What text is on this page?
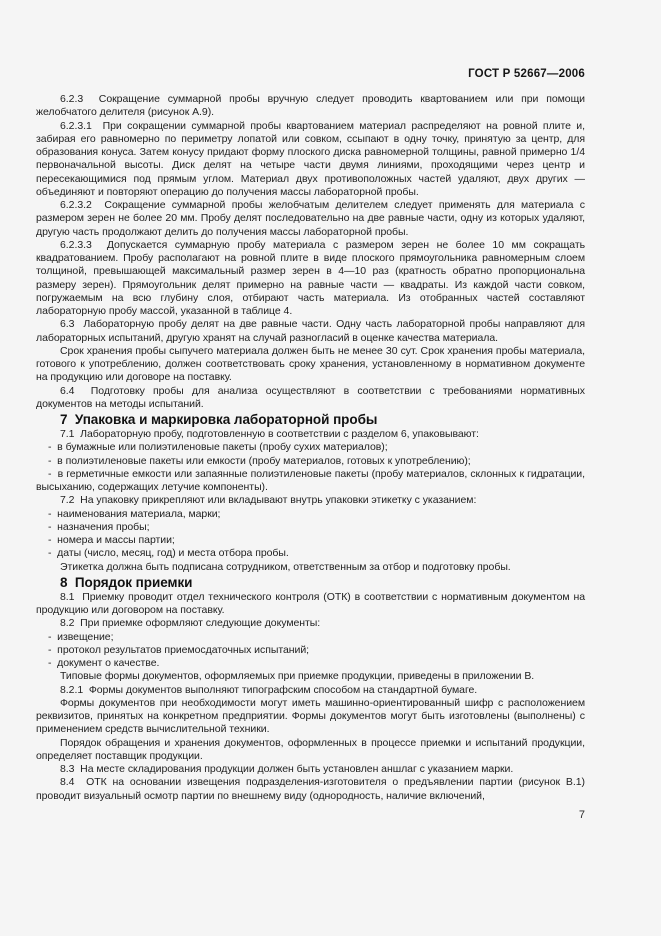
ГОСТ Р 52667—2006

6.2.3  Сокращение суммарной пробы вручную следует проводить квартованием или при помощи желобчатого делителя (рисунок А.9).

6.2.3.1  При сокращении суммарной пробы квартованием материал распределяют на ровной плите и, забирая его равномерно по периметру лопатой или совком, ссыпают в одну точку, принятую за центр, для образования конуса. Затем конусу придают форму плоского диска равномерной толщины, равной примерно 1/4 первоначальной высоты. Диск делят на четыре части двумя линиями, проходящими через центр и пересекающимися под прямым углом. Материал двух противоположных частей удаляют, двух других — объединяют и повторяют операцию до получения массы лабораторной пробы.

6.2.3.2  Сокращение суммарной пробы желобчатым делителем следует применять для материала с размером зерен не более 20 мм. Пробу делят последовательно на две равные части, одну из которых удаляют, другую часть продолжают делить до получения массы лабораторной пробы.

6.2.3.3  Допускается суммарную пробу материала с размером зерен не более 10 мм сокращать квадратованием. Пробу располагают на ровной плите в виде плоского прямоугольника равномерным слоем толщиной, превышающей максимальный размер зерен в 4—10 раз (кратность обратно пропорциональна размеру зерен). Прямоугольник делят примерно на равные части — квадраты. Из каждой части совком, погружаемым на всю глубину слоя, отбирают часть материала. Из отобранных частей составляют лабораторную пробу массой, указанной в таблице 4.

6.3  Лабораторную пробу делят на две равные части. Одну часть лабораторной пробы направляют для лабораторных испытаний, другую хранят на случай разногласий в оценке качества материала.

Срок хранения пробы сыпучего материала должен быть не менее 30 сут. Срок хранения пробы материала, готового к употреблению, должен соответствовать сроку хранения, установленному в нормативном документе на продукцию или договоре на поставку.

6.4  Подготовку пробы для анализа осуществляют в соответствии с требованиями нормативных документов на методы испытаний.

7  Упаковка и маркировка лабораторной пробы

7.1  Лабораторную пробу, подготовленную в соответствии с разделом 6, упаковывают:

-  в бумажные или полиэтиленовые пакеты (пробу сухих материалов);

-  в полиэтиленовые пакеты или емкости (пробу материалов, готовых к употреблению);

-  в герметичные емкости или запаянные полиэтиленовые пакеты (пробу материалов, склонных к гидратации, высыханию, содержащих летучие компоненты).

7.2  На упаковку прикрепляют или вкладывают внутрь упаковки этикетку с указанием:

-  наименования материала, марки;

-  назначения пробы;

-  номера и массы партии;

-  даты (число, месяц, год) и места отбора пробы.

Этикетка должна быть подписана сотрудником, ответственным за отбор и подготовку пробы.

8  Порядок приемки

8.1  Приемку проводит отдел технического контроля (ОТК) в соответствии с нормативным документом на продукцию или договором на поставку.

8.2  При приемке оформляют следующие документы:

-  извещение;

-  протокол результатов приемосдаточных испытаний;

-  документ о качестве.

Типовые формы документов, оформляемых при приемке продукции, приведены в приложении В.

8.2.1  Формы документов выполняют типографским способом на стандартной бумаге.

Формы документов при необходимости могут иметь машинно-ориентированный шифр с расположением реквизитов, принятых на конкретном предприятии. Формы документов могут быть изготовлены (выполнены) с применением средств вычислительной техники.

Порядок обращения и хранения документов, оформленных в процессе приемки и испытаний продукции, определяет поставщик продукции.

8.3  На месте складирования продукции должен быть установлен аншлаг с указанием марки.

8.4  ОТК на основании извещения подразделения-изготовителя о предъявлении партии (рисунок В.1) проводит визуальный осмотр партии по внешнему виду (однородность, наличие включений,

7
